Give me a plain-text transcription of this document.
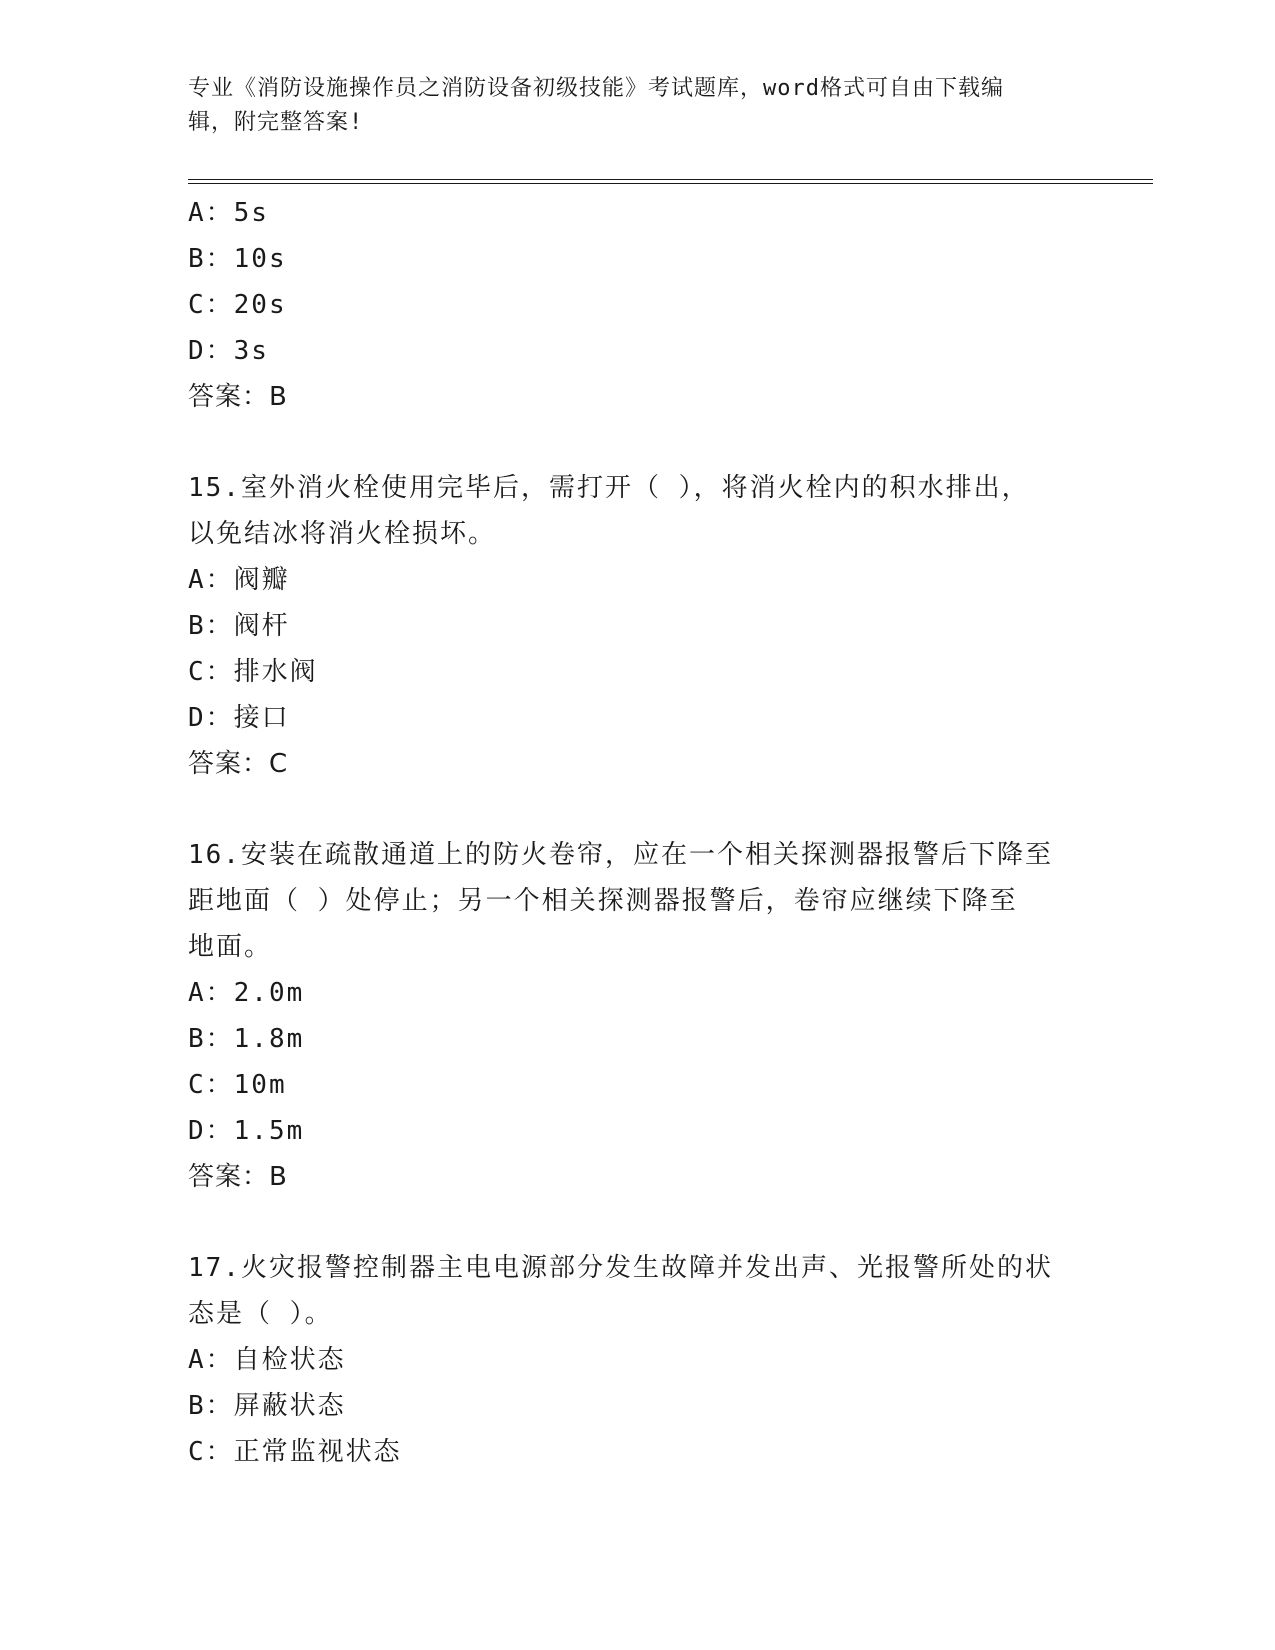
专业《消防设施操作员之消防设备初级技能》考试题库，word格式可自由下载编
辑，附完整答案!
A：5s
B：10s
C：20s
D：3s
答案：B
15.室外消火栓使用完毕后，需打开（ ），将消火栓内的积水排出，
以免结冰将消火栓损坏。
A：阀瓣
B：阀杆
C：排水阀
D：接口
答案：C
16.安装在疏散通道上的防火卷帘，应在一个相关探测器报警后下降至
距地面（ ）处停止；另一个相关探测器报警后，卷帘应继续下降至
地面。
A：2.0m
B：1.8m
C：10m
D：1.5m
答案：B
17.火灾报警控制器主电电源部分发生故障并发出声、光报警所处的状
态是（ ）。
A：自检状态
B：屏蔽状态
C：正常监视状态
